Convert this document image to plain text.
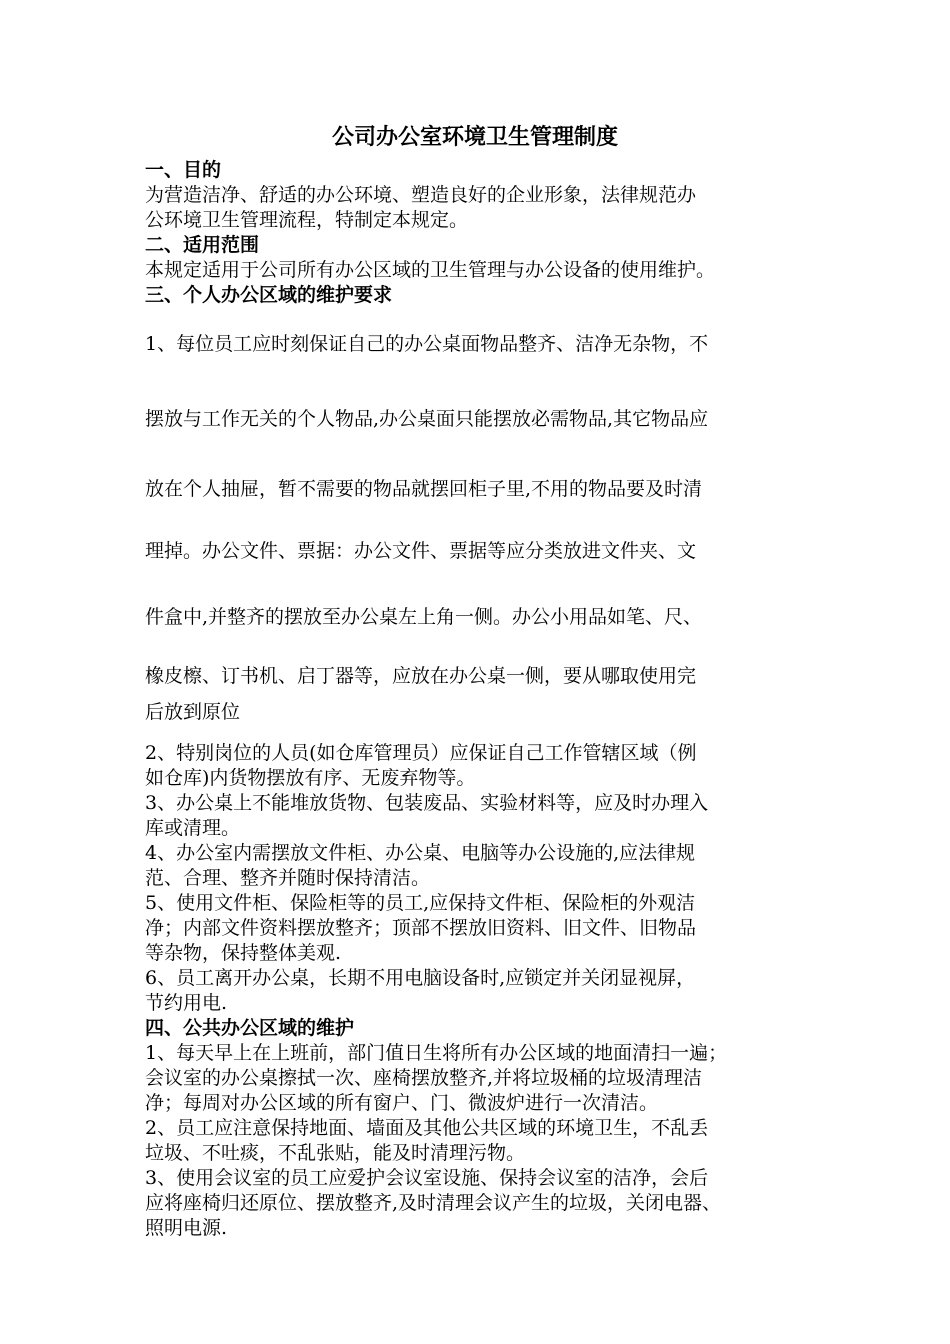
公司办公室环境卫生管理制度
一、目的
为营造洁净、舒适的办公环境、塑造良好的企业形象，法律规范办
公环境卫生管理流程，特制定本规定。
二、适用范围
本规定适用于公司所有办公区域的卫生管理与办公设备的使用维护。
三、个人办公区域的维护要求
1、每位员工应时刻保证自己的办公桌面物品整齐、洁净无杂物，不
摆放与工作无关的个人物品,办公桌面只能摆放必需物品,其它物品应
放在个人抽屉，暂不需要的物品就摆回柜子里,不用的物品要及时清
理掉。办公文件、票据：办公文件、票据等应分类放进文件夹、文
件盒中,并整齐的摆放至办公桌左上角一侧。办公小用品如笔、尺、
橡皮檫、订书机、启丁器等，应放在办公桌一侧，要从哪取使用完
后放到原位
2、特别岗位的人员(如仓库管理员）应保证自己工作管辖区域（例
如仓库)内货物摆放有序、无废弃物等。
3、办公桌上不能堆放货物、包装废品、实验材料等，应及时办理入
库或清理。
4、办公室内需摆放文件柜、办公桌、电脑等办公设施的,应法律规
范、合理、整齐并随时保持清洁。
5、使用文件柜、保险柜等的员工,应保持文件柜、保险柜的外观洁
净；内部文件资料摆放整齐；顶部不摆放旧资料、旧文件、旧物品
等杂物，保持整体美观.
6、员工离开办公桌，长期不用电脑设备时,应锁定并关闭显视屏，
节约用电.
四、公共办公区域的维护
1、每天早上在上班前，部门值日生将所有办公区域的地面清扫一遍；
会议室的办公桌擦拭一次、座椅摆放整齐,并将垃圾桶的垃圾清理洁
净；每周对办公区域的所有窗户、门、微波炉进行一次清洁。
2、员工应注意保持地面、墙面及其他公共区域的环境卫生，不乱丢
垃圾、不吐痰，不乱张贴，能及时清理污物。
3、使用会议室的员工应爱护会议室设施、保持会议室的洁净，会后
应将座椅归还原位、摆放整齐,及时清理会议产生的垃圾，关闭电器、
照明电源.
